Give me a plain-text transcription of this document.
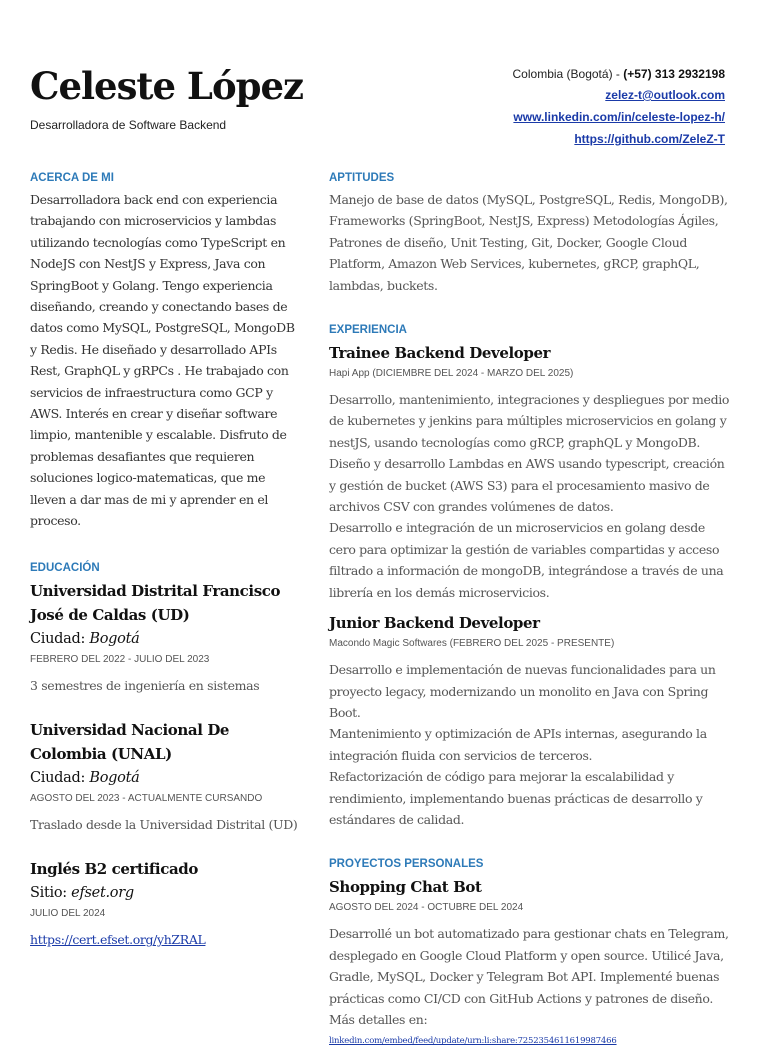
Celeste López
Desarrolladora de Software Backend
Colombia (Bogotá) - (+57) 313 2932198
zelez-t@outlook.com
www.linkedin.com/in/celeste-lopez-h/
https://github.com/ZeleZ-T
ACERCA DE MI

Desarrolladora back end con experiencia trabajando con microservicios y lambdas utilizando tecnologías como TypeScript en NodeJS con NestJS y Express, Java con SpringBoot y Golang. Tengo experiencia diseñando, creando y conectando bases de datos como MySQL, PostgreSQL, MongoDB y Redis. He diseñado y desarrollado APIs Rest, GraphQL y gRPCs . He trabajado con servicios de infraestructura como GCP y AWS. Interés en crear y diseñar software limpio, mantenible y escalable. Disfruto de problemas desafiantes que requieren soluciones logico-matematicas, que me lleven a dar mas de mi y aprender en el proceso.

EDUCACIÓN
Universidad Distrital Francisco José de Caldas (UD)
Ciudad: Bogotá
FEBRERO DEL 2022 - JULIO DEL 2023

3 semestres de ingeniería en sistemas

Universidad Nacional De Colombia (UNAL)
Ciudad: Bogotá
AGOSTO DEL 2023 - ACTUALMENTE CURSANDO

Traslado desde la Universidad Distrital (UD)

Inglés B2 certificado
Sitio: efset.org
JULIO DEL 2024

https://cert.efset.org/yhZRAL

APTITUDES

Manejo de base de datos (MySQL, PostgreSQL, Redis, MongoDB), Frameworks (SpringBoot, NestJS, Express) Metodologías Ágiles, Patrones de diseño, Unit Testing, Git, Docker, Google Cloud Platform, Amazon Web Services, kubernetes, gRCP, graphQL, lambdas, buckets.

EXPERIENCIA
Trainee Backend Developer
Hapi App (DICIEMBRE DEL 2024 - MARZO DEL 2025)

Desarrollo, mantenimiento, integraciones y despliegues por medio de kubernetes y jenkins para múltiples microservicios en golang y nestJS, usando tecnologías como gRCP, graphQL y MongoDB.

Diseño y desarrollo Lambdas en AWS usando typescript, creación y gestión de bucket (AWS S3) para el procesamiento masivo de archivos CSV con grandes volúmenes de datos.

Desarrollo e integración de un microservicios en golang desde cero para optimizar la gestión de variables compartidas y acceso filtrado a información de mongoDB, integrándose a través de una librería en los demás microservicios.

Junior Backend Developer
Macondo Magic Softwares (FEBRERO DEL 2025 - PRESENTE)

Desarrollo e implementación de nuevas funcionalidades para un proyecto legacy, modernizando un monolito en Java con Spring Boot.

Mantenimiento y optimización de APIs internas, asegurando la integración fluida con servicios de terceros.

Refactorización de código para mejorar la escalabilidad y rendimiento, implementando buenas prácticas de desarrollo y estándares de calidad.

PROYECTOS PERSONALES
Shopping Chat Bot
AGOSTO DEL 2024 - OCTUBRE DEL 2024

Desarrollé un bot automatizado para gestionar chats en Telegram, desplegado en Google Cloud Platform y open source. Utilicé Java, Gradle, MySQL, Docker y Telegram Bot API. Implementé buenas prácticas como CI/CD con GitHub Actions y patrones de diseño. Más detalles en:

linkedin.com/embed/feed/update/urn:li:share:7252354611619987466
